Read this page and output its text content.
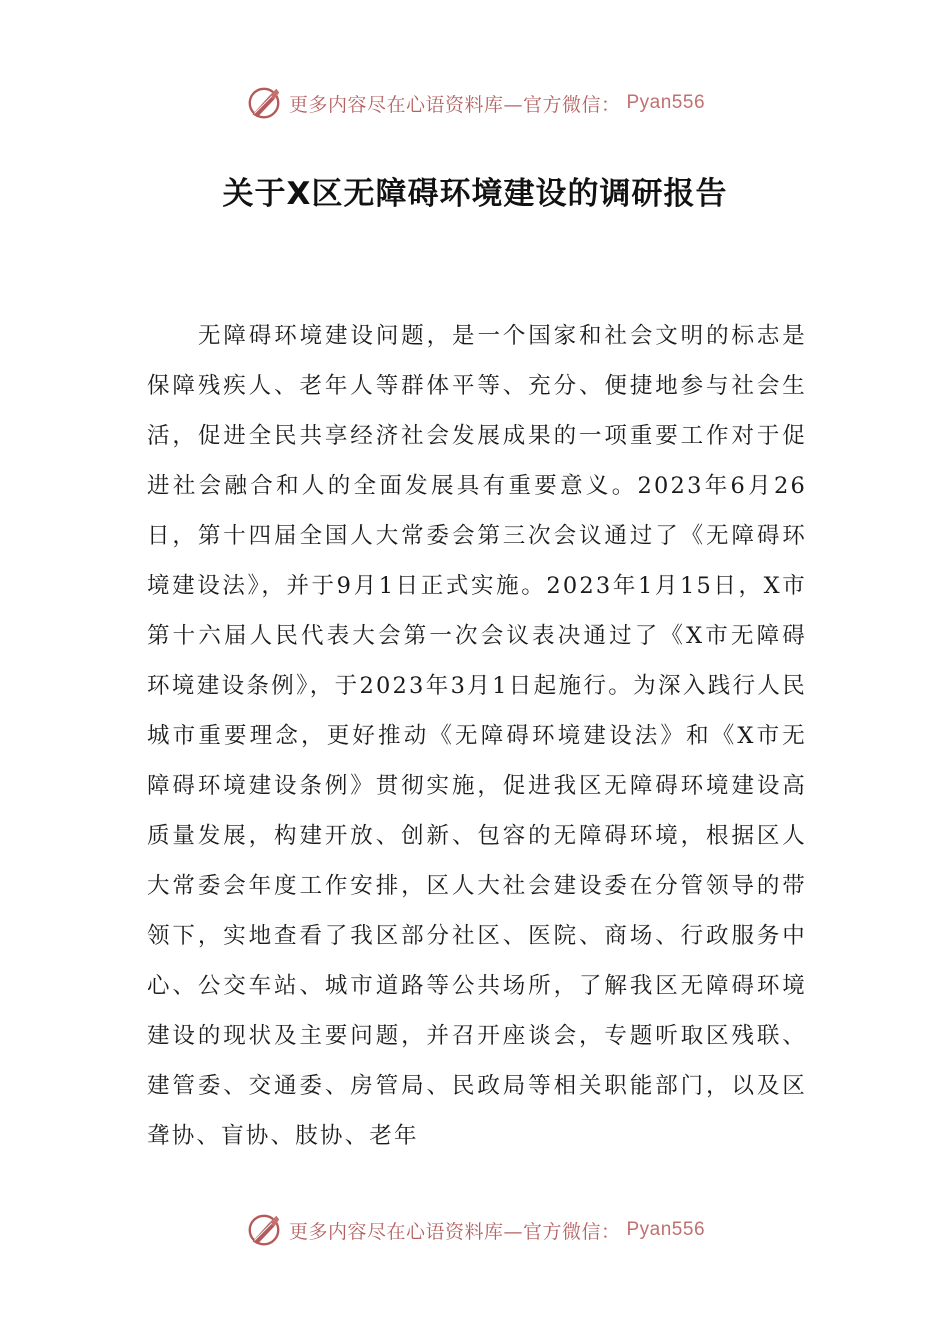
更多内容尽在心语资料库—官方微信： Pyan556
关于X区无障碍环境建设的调研报告

无障碍环境建设问题，是一个国家和社会文明的标志是保障残疾人、老年人等群体平等、充分、便捷地参与社会生活，促进全民共享经济社会发展成果的一项重要工作对于促进社会融合和人的全面发展具有重要意义。2023年6月26日，第十四届全国人大常委会第三次会议通过了《无障碍环境建设法》，并于9月1日正式实施。2023年1月15日，X市第十六届人民代表大会第一次会议表决通过了《X市无障碍环境建设条例》，于2023年3月1日起施行。为深入践行人民城市重要理念，更好推动《无障碍环境建设法》和《X市无障碍环境建设条例》贯彻实施，促进我区无障碍环境建设高质量发展，构建开放、创新、包容的无障碍环境，根据区人大常委会年度工作安排，区人大社会建设委在分管领导的带领下，实地查看了我区部分社区、医院、商场、行政服务中心、公交车站、城市道路等公共场所，了解我区无障碍环境建设的现状及主要问题，并召开座谈会，专题听取区残联、建管委、交通委、房管局、民政局等相关职能部门，以及区聋协、盲协、肢协、老年

更多内容尽在心语资料库—官方微信： Pyan556
